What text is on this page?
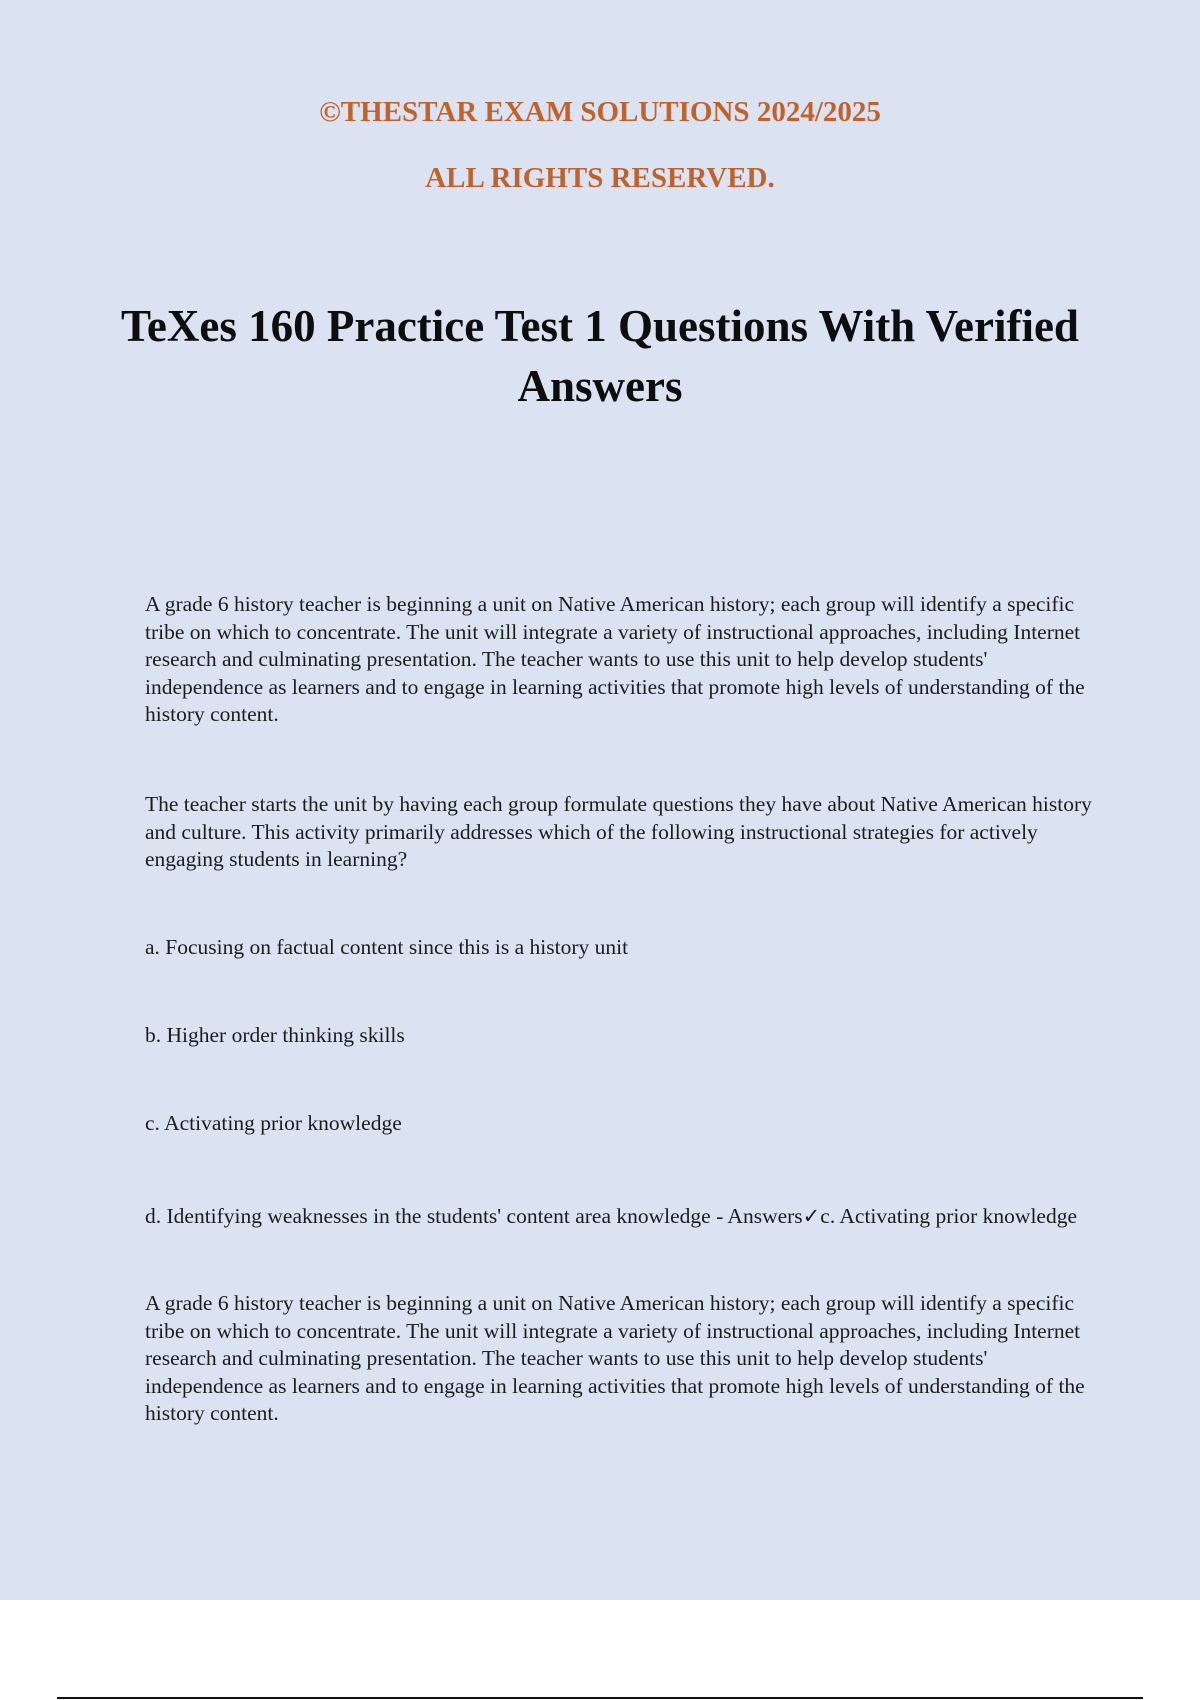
©THESTAR EXAM SOLUTIONS 2024/2025

ALL RIGHTS RESERVED.

TeXes 160 Practice Test 1 Questions With Verified Answers

A grade 6 history teacher is beginning a unit on Native American history; each group will identify a specific tribe on which to concentrate. The unit will integrate a variety of instructional approaches, including Internet research and culminating presentation. The teacher wants to use this unit to help develop students' independence as learners and to engage in learning activities that promote high levels of understanding of the history content.

The teacher starts the unit by having each group formulate questions they have about Native American history and culture. This activity primarily addresses which of the following instructional strategies for actively engaging students in learning?

a. Focusing on factual content since this is a history unit

b. Higher order thinking skills

c. Activating prior knowledge

d. Identifying weaknesses in the students' content area knowledge - Answers✓c. Activating prior knowledge

A grade 6 history teacher is beginning a unit on Native American history; each group will identify a specific tribe on which to concentrate. The unit will integrate a variety of instructional approaches, including Internet research and culminating presentation. The teacher wants to use this unit to help develop students' independence as learners and to engage in learning activities that promote high levels of understanding of the history content.
